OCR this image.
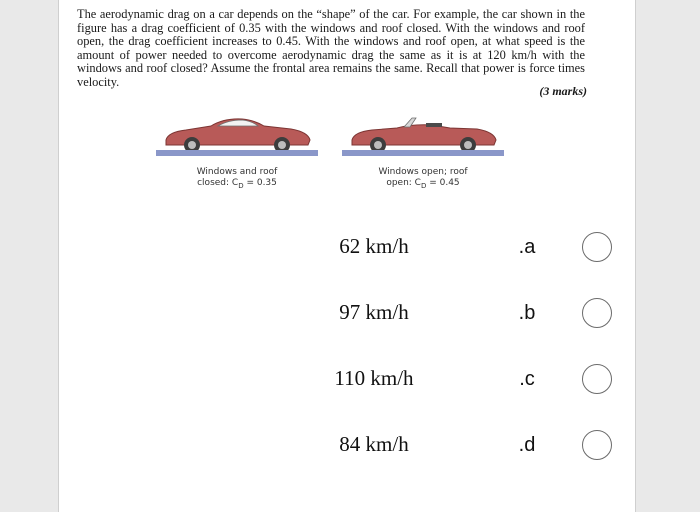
The aerodynamic drag on a car depends on the “shape” of the car. For example, the car shown in the figure has a drag coefficient of 0.35 with the windows and roof closed. With the windows and roof open, the drag coefficient increases to 0.45. With the windows and roof open, at what speed is the amount of power needed to overcome aerodynamic drag the same as it is at 120 km/h with the windows and roof closed? Assume the frontal area remains the same. Recall that power is force times velocity.
(3 marks)
Windows and roof
closed: $C_D = 0.35$
Windows open; roof
open: $C_D = 0.45$
62 km/h	.a
97 km/h	.b
110 km/h	.c
84 km/h	.d
